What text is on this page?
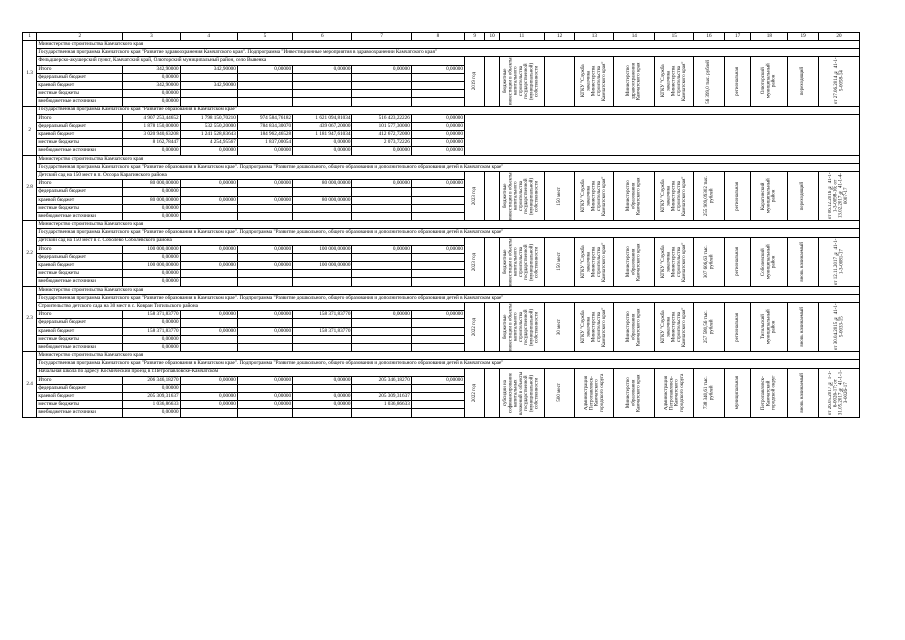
1	2	3	4	5	6	7	8	9	10	11	12	13	14	15	16	17	18	19	20
1.3	Министерство строительства Камчатского края																		
	Государственная программа Камчатского края "Развитие здравоохранения Камчатского края". Подпрограмма "Инвестиционные мероприятия в здравоохранении Камчатского края"																		
	Фельдшерско-акушерский пункт, Камчатский край, Олюторский муниципальный район, село Вывенка							2019 год		бюджетные инвестиции в объекты капитального строительства государственной (муниципальной) собственности		КГКУ "Служба заказчика Министерства строительства Камчатского края"	Министерство здравоохранения Камчатского края	КГКУ "Служба заказчика Министерства строительства Камчатского края"	56 399,0 тыс. рублей	региональная	Олюторский муниципальный район	переходящий	от 27.06.2014 № 41-1-5-0058-14

	Итого	342,90000	342,90000	0,00000	0,00000	0,00000	0,00000												
	федеральный бюджет	0,00000																	
	краевой бюджет	342,90000	342,90000																
	местные бюджеты	0,00000																	
	внебюджетные источники	0,00000																	
2	Государственная программа Камчатского края "Развитие образования в Камчатском крае"																		
	Итого	4 907 253,44652	1 798 150,70210	974 584,76182	1 621 094,81034	516 423,22226	0,00000												
	федеральный бюджет	1 878 150,00000	532 550,20000	784 834,30070	439 067,20000	101 577,30000	0,00000												
	краевой бюджет	3 020 940,63208	1 241 528,83643	184 962,46528	1 181 947,61034	412 672,72000	0,00000												
	местные бюджеты	8 162,78447	4 254,95567	1 837,00054	0,00000	2 073,72226	0,00000												
	внебюджетные источники	0,00000	0,00000	0,00000	0,00000	0,00000	0,00000												
2.8	Министерство строительства Камчатского края																		
	Государственная программа Камчатского края "Развитие образования в Камчатском крае". Подпрограмма "Развитие дошкольного, общего образования и дополнительного образования детей в Камчатском крае"																		
	Детский сад на 150 мест в п. Оссора Карагинского района							2023 год		бюджетные инвестиции в объекты капитального строительства государственной (муниципальной) собственности	150 мест	КГКУ "Служба заказчика Министерства строительства Камчатского края"	Министерство образования Камчатского края	КГКУ "Служба заказчика Министерства строительства Камчатского края"	255 909,09302 тыс. рублей	региональная	Карагинский муниципальный район	переходящий	от 06.12.2016 № 41-1-1-3-0098-16; от 13.02.2017 № 41-1-4-0007-17

	Итого	80 000,00000	0,00000	0,00000	80 000,00000	0,00000	0,00000												
	федеральный бюджет	0,00000																	
	краевой бюджет	80 000,00000	0,00000	0,00000	80 000,00000														
	местные бюджеты	0,00000																	
	внебюджетные источники	0,00000																	
2.2	Министерство строительства Камчатского края																		
	Государственная программа Камчатского края "Развитие образования в Камчатском крае". Подпрограмма "Развитие дошкольного, общего образования и дополнительного образования детей в Камчатском крае"																		
	Детский сад на 150 мест в с. Соболево Соболевского района							2023 год		бюджетные инвестиции в объекты капитального строительства государственной (муниципальной) собственности	150 мест	КГКУ "Служба заказчика Министерства строительства Камчатского края"	Министерство образования Камчатского края	КГКУ "Служба заказчика Министерства строительства Камчатского края"	307 606,63 тыс. рублей	региональная	Соболевский муниципальный район	вновь начинаемый	от 12.11.2017 № 41-1-1-3-0081-17

	Итого	100 000,00000	0,00000	0,00000	100 000,00000	0,00000	0,00000												
	федеральный бюджет	0,00000																	
	краевой бюджет	100 000,00000	0,00000	0,00000	100 000,00000														
	местные бюджеты	0,00000																	
	внебюджетные источники	0,00000																	
2.3	Министерство строительства Камчатского края																		
	Государственная программа Камчатского края "Развитие образования в Камчатском крае". Подпрограмма "Развитие дошкольного, общего образования и дополнительного образования детей в Камчатском крае"																		
	Строительство детского сада на 30 мест в с. Ковран Тигильского района							2022 год		бюджетные инвестиции в объекты капитального строительства государственной (муниципальной) собственности	30 мест	КГКУ "Служба заказчика Министерства строительства Камчатского края"	Министерство образования Камчатского края	КГКУ "Служба заказчика Министерства строительства Камчатского края"	257 580,56 тыс. рублей	региональная	Тигильский муниципальный район	вновь начинаемый	от 30.04.2015 № 41-1-5-0033-15

	Итого	158 371,83770	0,00000	0,00000	158 371,83770	0,00000	0,00000												
	федеральный бюджет	0,00000																	
	краевой бюджет	158 371,83770	0,00000	0,00000	158 371,83770														
	местные бюджеты	0,00000																	
	внебюджетные источники	0,00000																	
2.4	Министерство строительства Камчатского края																		
	Государственная программа Камчатского края "Развитие образования в Камчатском крае". Подпрограмма "Развитие дошкольного, общего образования и дополнительного образования детей в Камчатском крае"																		
	Начальная школа по адресу Космический проезд в г.Петропавловске-Камчатском							2022 год		субсидии на софинансирование капитальных вложений в объекты государственной (муниципальной) собственности	500 мест	Администрация Петропавловск-Камчатского городского округа	Министерство образования Камчатского края	Администрация Петропавловск-Камчатского городского округа	738 340,61 тыс. рублей	муниципальная	Петропавловск-Камчатский городской округ	вновь начинаемый	от 26.05.2017 № 1-1-6-0026-17; от 31.05.2017 № 41-1-1-3-0026-17

	Итого	206 346,18270	0,00000	0,00000	0,00000	205 346,18270	0,00000												
	федеральный бюджет	0,00000																	
	краевой бюджет	205 309,31637	0,00000	0,00000	0,00000	205 309,31637													
	местные бюджеты	1 036,86633	0,00000	0,00000	0,00000	1 036,86633													
	внебюджетные источники	0,00000																	
